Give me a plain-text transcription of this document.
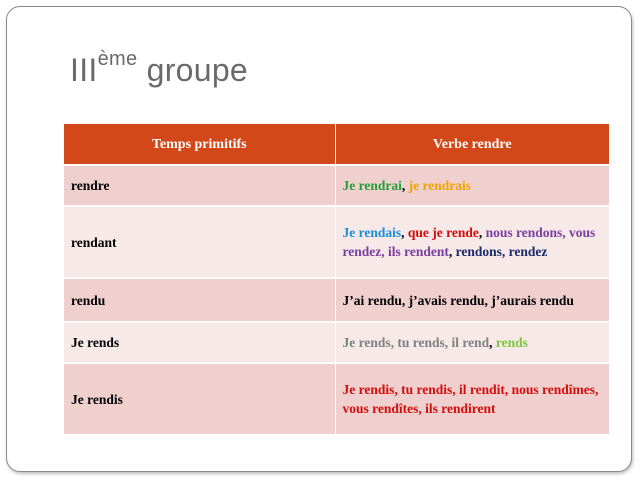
IIIème groupe
Temps primitifs	Verbe rendre
rendre	Je rendrai, je rendrais
rendant	Je rendais, que je rende, nous rendons, vous rendez, ils rendent, rendons, rendez
rendu	J’ai rendu, j’avais rendu, j’aurais rendu
Je rends	Je rends, tu rends, il rend, rends
Je rendis	Je rendis, tu rendis, il rendit, nous rendîmes, vous rendîtes, ils rendirent
